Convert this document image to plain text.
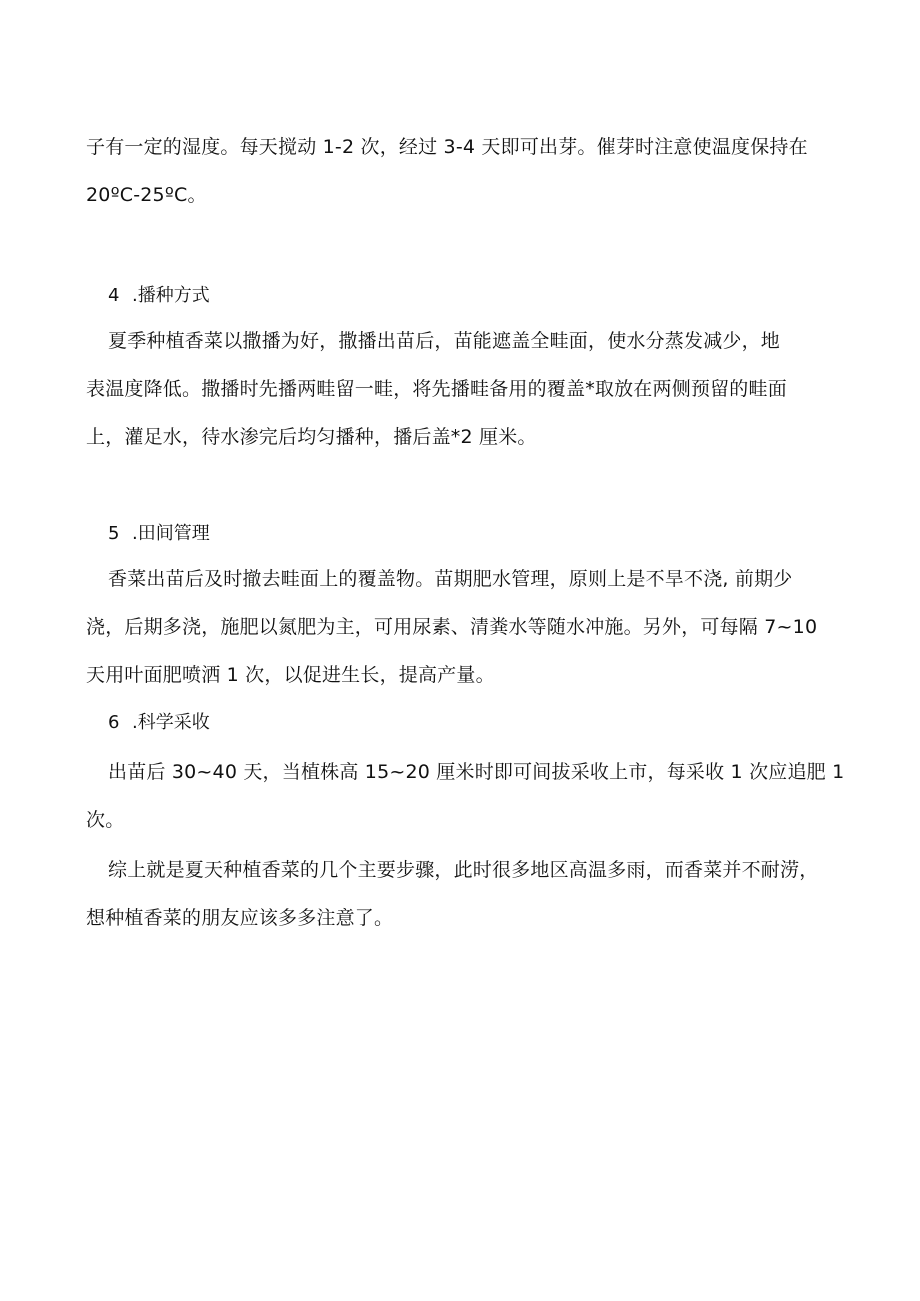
子有一定的湿度。每天搅动 1-2 次，经过 3-4 天即可出芽。催芽时注意使温度保持在
20ºC-25ºC。

4 .播种方式

夏季种植香菜以撒播为好，撒播出苗后，苗能遮盖全畦面，使水分蒸发减少，地
表温度降低。撒播时先播两畦留一畦，将先播畦备用的覆盖*取放在两侧预留的畦面
上，灌足水，待水渗完后均匀播种，播后盖*2 厘米。

5 .田间管理

香菜出苗后及时撤去畦面上的覆盖物。苗期肥水管理，原则上是不旱不浇, 前期少
浇，后期多浇，施肥以氮肥为主，可用尿素、清粪水等随水冲施。另外，可每隔 7~10
天用叶面肥喷洒 1 次，以促进生长，提高产量。

6 .科学采收

出苗后 30~40 天，当植株高 15~20 厘米时即可间拔采收上市，每采收 1 次应追肥 1
次。

综上就是夏天种植香菜的几个主要步骤，此时很多地区高温多雨，而香菜并不耐涝，
想种植香菜的朋友应该多多注意了。
